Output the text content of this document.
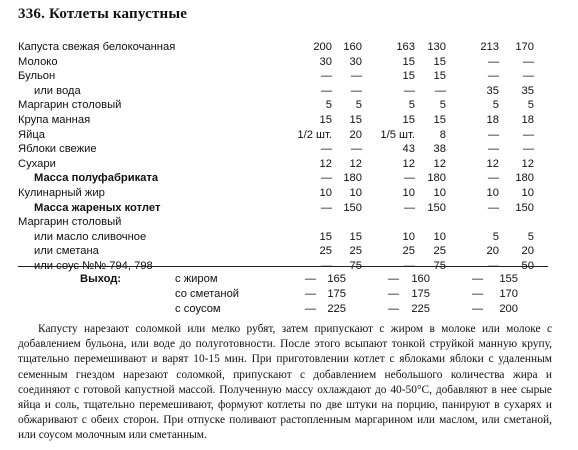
336. Котлеты капустные
Капуста свежая белокочанная	200	160	163	130	213	170
Молоко	30	30	15	15	—	—
Бульон	—	—	15	15	—	—
или вода	—	—	—	—	35	35
Маргарин столовый	5	5	5	5	5	5
Крупа манная	15	15	15	15	18	18
Яйца	1/2 шт.	20	1/5 шт.	8	—	—
Яблоки свежие	—	—	43	38	—	—
Сухари	12	12	12	12	12	12
Масса полуфабриката	—	180	—	180	—	180
Кулинарный жир	10	10	10	10	10	10
Масса жареных котлет	—	150	—	150	—	150
Маргарин столовый						
или масло сливочное	15	15	10	10	5	5
или сметана	25	25	25	25	20	20
или соус №№ 794, 798	—	75	—	75	—	50
Выход:	с жиром	—	165	—	160	—	155
	со сметаной	—	175	—	175	—	170
	с соусом	—	225	—	225	—	200

Капусту нарезают соломкой или мелко рубят, затем припускают с жиром в молоке или молоке с добавлением бульона, или воде до полуготовности. После этого всыпают тонкой струйкой манную крупу, тщательно перемешивают и варят 10-15 мин. При приготовлении котлет с яблоками яблоки с удаленным семенным гнездом нарезают соломкой, припускают с добавлением небольшого количества жира и соединяют с готовой капустной массой. Полученную массу охлаждают до 40-50°С, добавляют в нее сырые яйца и соль, тщательно перемешивают, формуют котлеты по две штуки на порцию, панируют в сухарях и обжаривают с обеих сторон. При отпуске поливают растопленным маргарином или маслом, или сметаной, или соусом молочным или сметанным.
